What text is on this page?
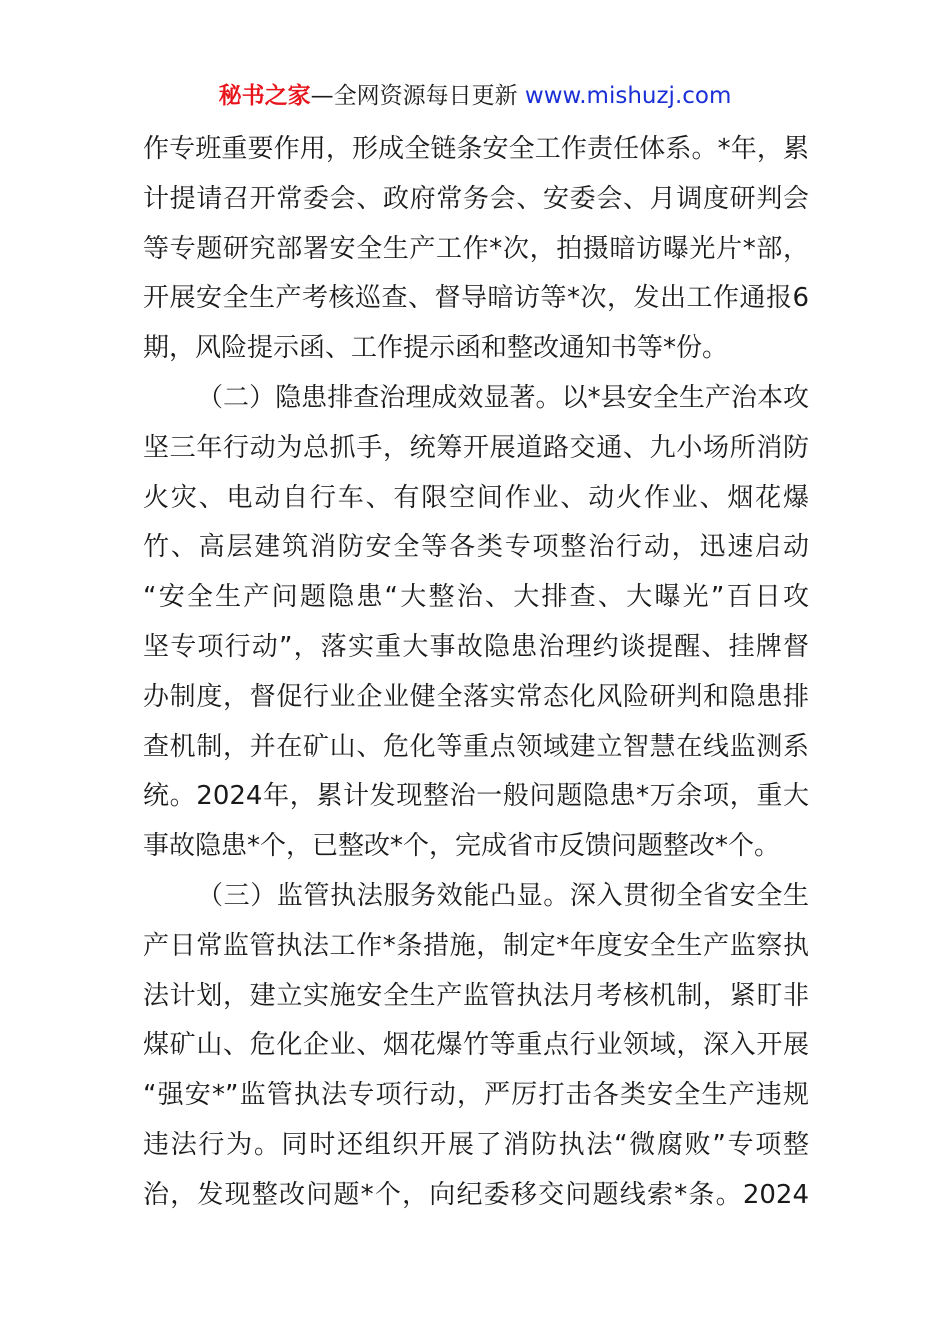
秘书之家—全网资源每日更新 www.mishuzj.com
作专班重要作用，形成全链条安全工作责任体系。*年，累
计提请召开常委会、政府常务会、安委会、月调度研判会
等专题研究部署安全生产工作*次，拍摄暗访曝光片*部，
开展安全生产考核巡查、督导暗访等*次，发出工作通报6
期，风险提示函、工作提示函和整改通知书等*份。
（二）隐患排查治理成效显著。以*县安全生产治本攻
坚三年行动为总抓手，统筹开展道路交通、九小场所消防
火灾、电动自行车、有限空间作业、动火作业、烟花爆
竹、高层建筑消防安全等各类专项整治行动，迅速启动
“安全生产问题隐患“大整治、大排查、大曝光”百日攻
坚专项行动”，落实重大事故隐患治理约谈提醒、挂牌督
办制度，督促行业企业健全落实常态化风险研判和隐患排
查机制，并在矿山、危化等重点领域建立智慧在线监测系
统。2024年，累计发现整治一般问题隐患*万余项，重大
事故隐患*个，已整改*个，完成省市反馈问题整改*个。
（三）监管执法服务效能凸显。深入贯彻全省安全生
产日常监管执法工作*条措施，制定*年度安全生产监察执
法计划，建立实施安全生产监管执法月考核机制，紧盯非
煤矿山、危化企业、烟花爆竹等重点行业领域，深入开展
“强安*”监管执法专项行动，严厉打击各类安全生产违规
违法行为。同时还组织开展了消防执法“微腐败”专项整
治，发现整改问题*个，向纪委移交问题线索*条。2024
